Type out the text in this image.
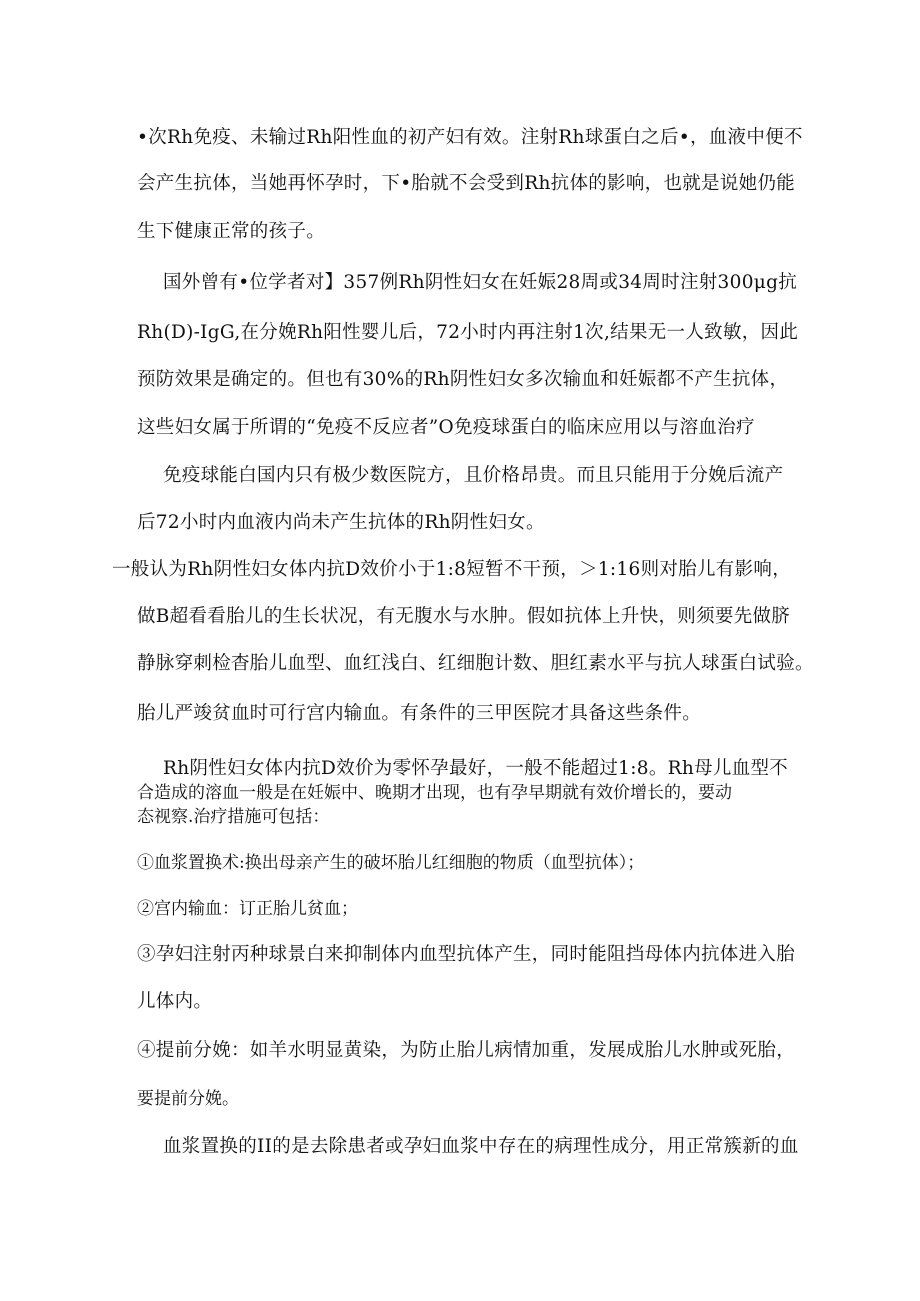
•次Rh免疫、未输过Rh阳性血的初产妇有效。注射Rh球蛋白之后•，血液中便不
会产生抗体，当她再怀孕时，下•胎就不会受到Rh抗体的影响，也就是说她仍能
生下健康正常的孩子。
国外曾有•位学者对】357例Rh阴性妇女在妊娠28周或34周时注射300μg抗
Rh(D)-IgG,在分娩Rh阳性婴儿后，72小时内再注射1次,结果无一人致敏，因此
预防效果是确定的。但也有30%的Rh阴性妇女多次输血和妊娠都不产生抗体，
这些妇女属于所谓的“免疫不反应者”O免疫球蛋白的临床应用以与溶血治疗
免疫球能白国内只有极少数医院方，且价格昂贵。而且只能用于分娩后流产
后72小时内血液内尚未产生抗体的Rh阴性妇女。
一般认为Rh阴性妇女体内抗D效价小于1:8短暂不干预，＞1:16则对胎儿有影响，
做B超看看胎儿的生长状况，有无腹水与水肿。假如抗体上升快，则须要先做脐
静脉穿刺检杳胎儿血型、血红浅白、红细胞计数、胆红素水平与抗人球蛋白试验。
胎儿严竣贫血时可行宫内输血。有条件的三甲医院才具备这些条件。
Rh阴性妇女体内抗D效价为零怀孕最好，一般不能超过1:8。Rh母儿血型不
合造成的溶血一般是在妊娠中、晚期才出现，也有孕早期就有效价增长的，要动
态视察.治疗措施可包括：
①血浆置换术:换出母亲产生的破坏胎儿红细胞的物质（血型抗体）；
②宫内输血：订正胎儿贫血；
③孕妇注射丙种球景白来抑制体内血型抗体产生，同时能阻挡母体内抗体进入胎
儿体内。
④提前分娩：如羊水明显黄染，为防止胎儿病情加重，发展成胎儿水肿或死胎，
要提前分娩。
血浆置换的II的是去除患者或孕妇血浆中存在的病理性成分，用正常簇新的血
